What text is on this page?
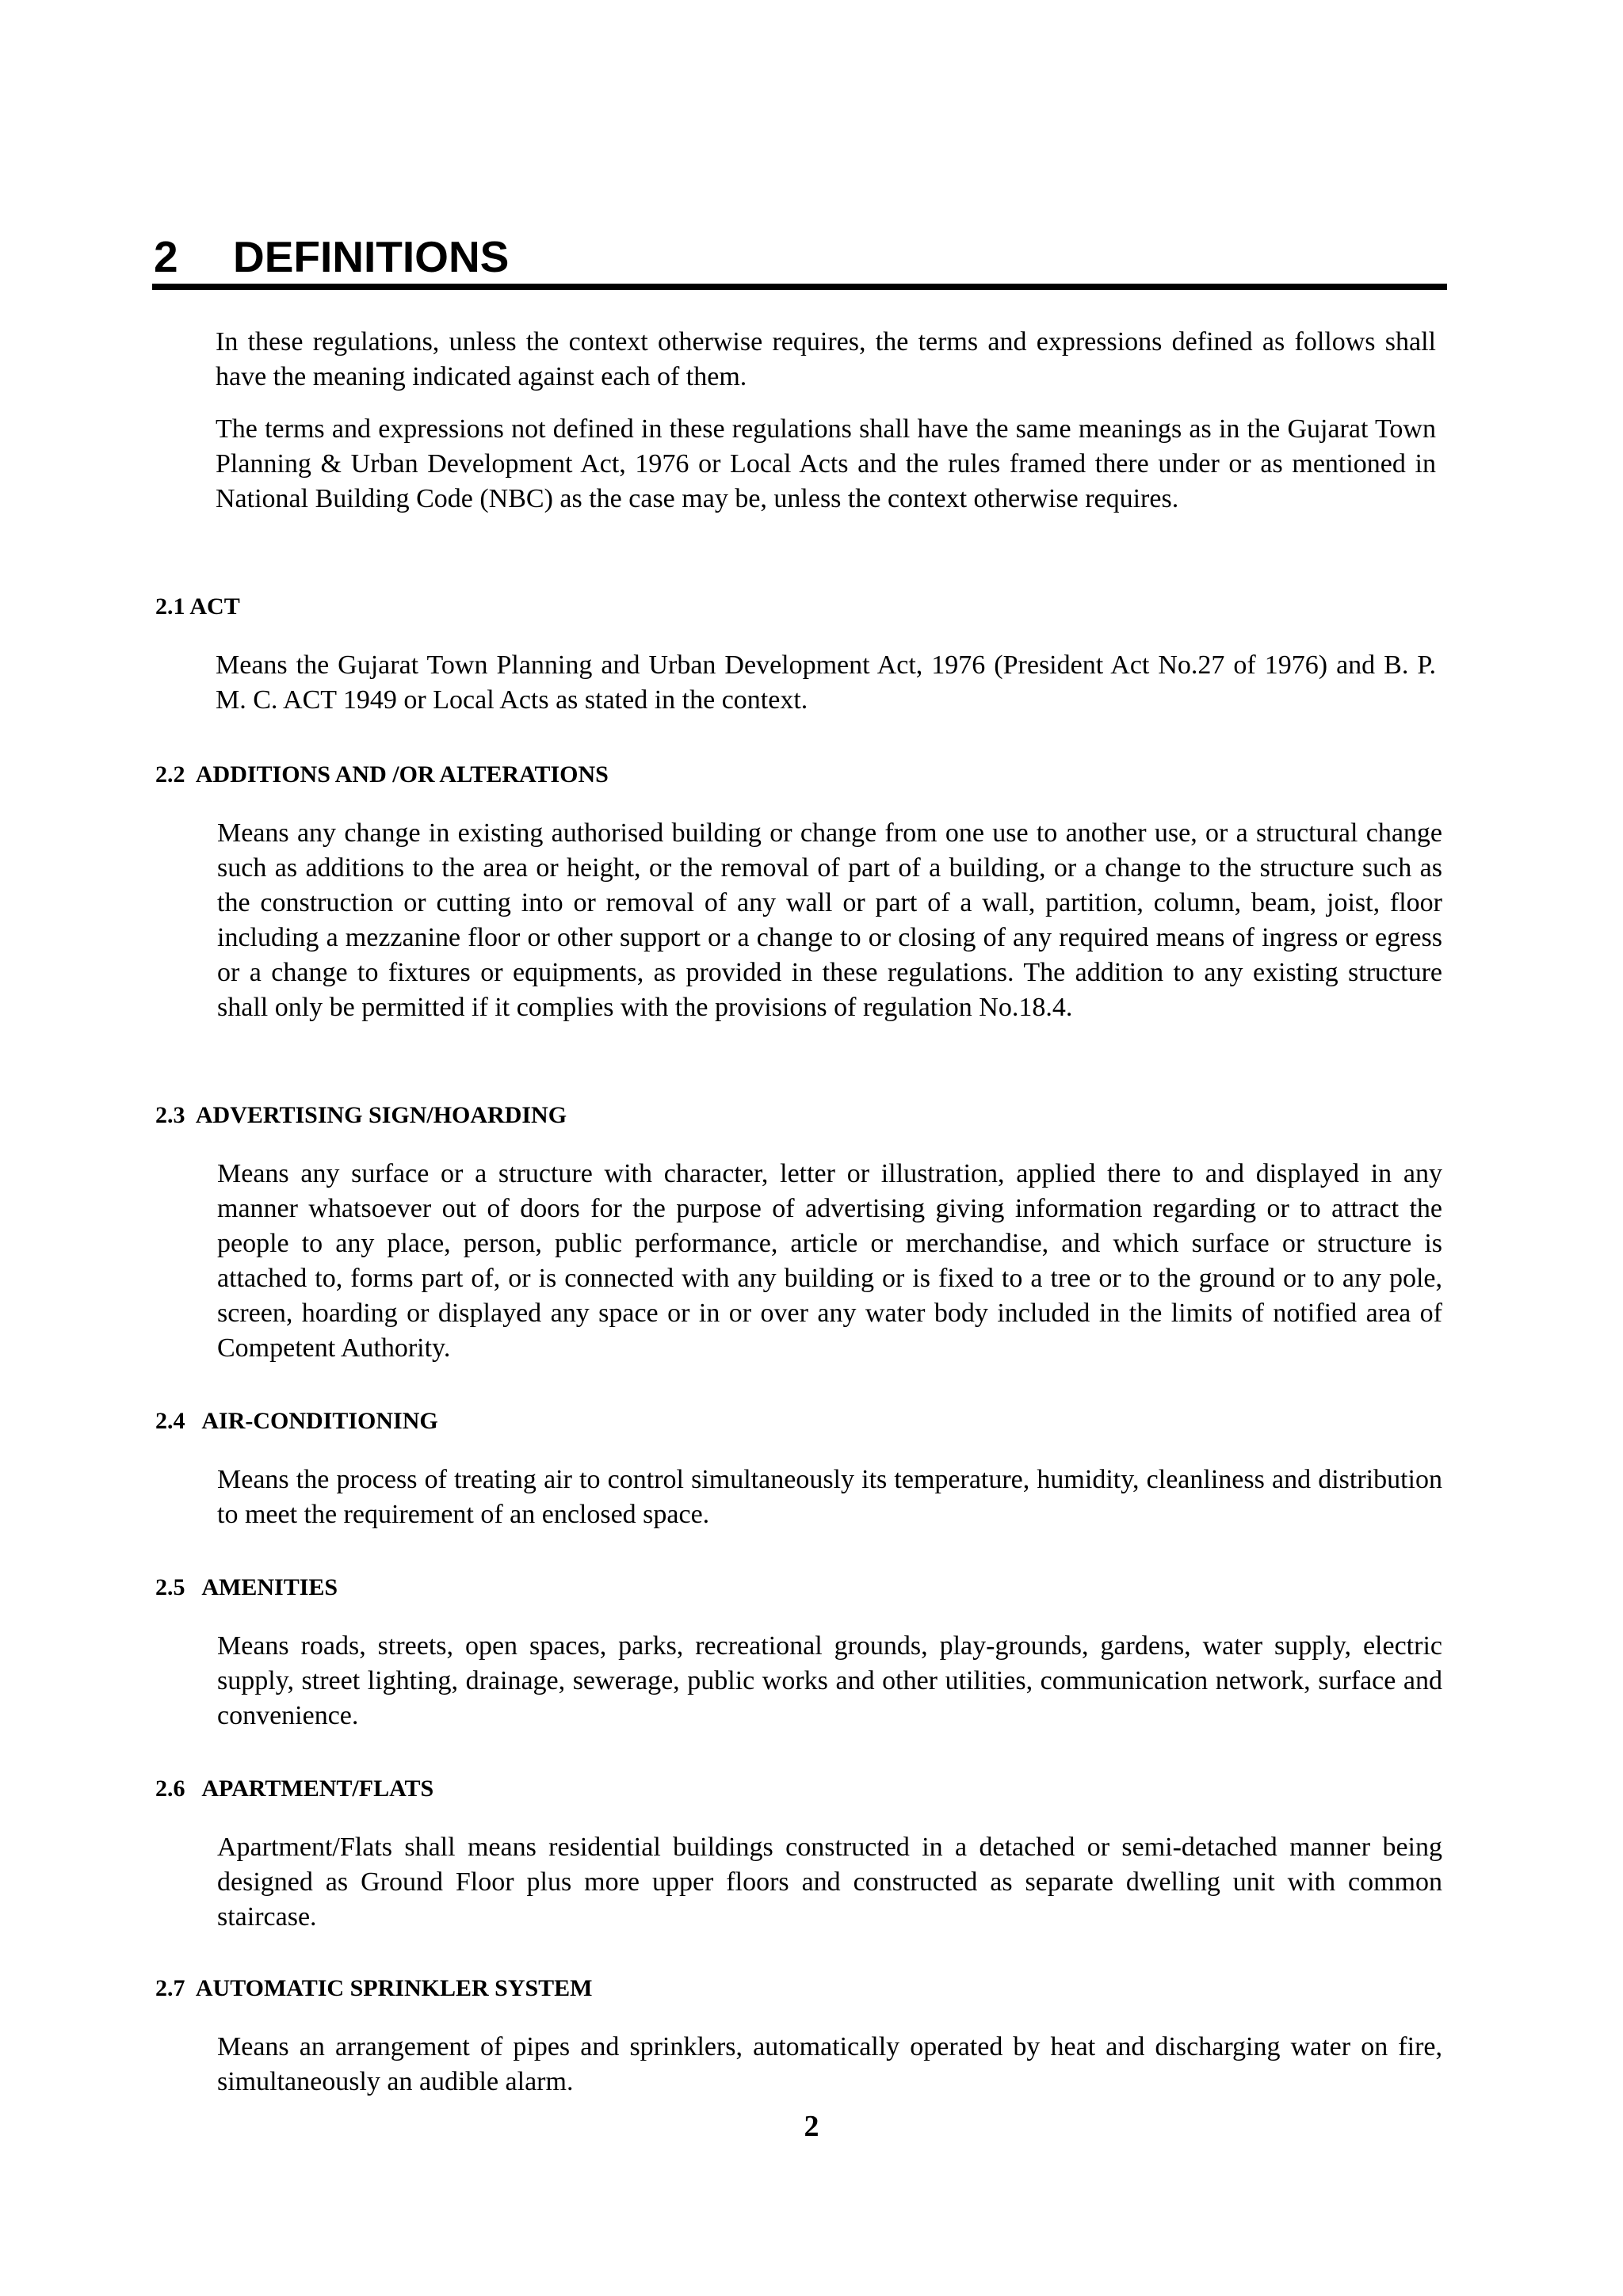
2 DEFINITIONS

In these regulations, unless the context otherwise requires, the terms and expressions defined as follows shall have the meaning indicated against each of them.

The terms and expressions not defined in these regulations shall have the same meanings as in the Gujarat Town Planning & Urban Development Act, 1976 or Local Acts and the rules framed there under or as mentioned in National Building Code (NBC) as the case may be, unless the context otherwise requires.

2.1 ACT

Means the Gujarat Town Planning and Urban Development Act, 1976 (President Act No.27 of 1976) and B. P. M. C. ACT 1949 or Local Acts as stated in the context.

2.2 ADDITIONS AND /OR ALTERATIONS

Means any change in existing authorised building or change from one use to another use, or a structural change such as additions to the area or height, or the removal of part of a building, or a change to the structure such as the construction or cutting into or removal of any wall or part of a wall, partition, column, beam, joist, floor including a mezzanine floor or other support or a change to or closing of any required means of ingress or egress or a change to fixtures or equipments, as provided in these regulations. The addition to any existing structure shall only be permitted if it complies with the provisions of regulation No.18.4.

2.3 ADVERTISING SIGN/HOARDING

Means any surface or a structure with character, letter or illustration, applied there to and displayed in any manner whatsoever out of doors for the purpose of advertising giving information regarding or to attract the people to any place, person, public performance, article or merchandise, and which surface or structure is attached to, forms part of, or is connected with any building or is fixed to a tree or to the ground or to any pole, screen, hoarding or displayed any space or in or over any water body included in the limits of notified area of Competent Authority.

2.4 AIR-CONDITIONING

Means the process of treating air to control simultaneously its temperature, humidity, cleanliness and distribution to meet the requirement of an enclosed space.

2.5 AMENITIES

Means roads, streets, open spaces, parks, recreational grounds, play-grounds, gardens, water supply, electric supply, street lighting, drainage, sewerage, public works and other utilities, communication network, surface and convenience.

2.6 APARTMENT/FLATS

Apartment/Flats shall means residential buildings constructed in a detached or semi-detached manner being designed as Ground Floor plus more upper floors and constructed as separate dwelling unit with common staircase.

2.7 AUTOMATIC SPRINKLER SYSTEM

Means an arrangement of pipes and sprinklers, automatically operated by heat and discharging water on fire, simultaneously an audible alarm.

2
